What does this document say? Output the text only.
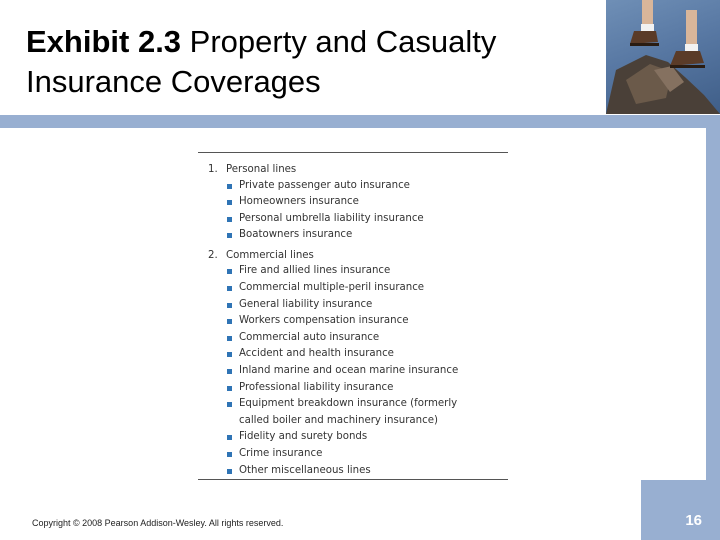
Exhibit 2.3 Property and Casualty Insurance Coverages
1. Personal lines
Private passenger auto insurance
Homeowners insurance
Personal umbrella liability insurance
Boatowners insurance
2. Commercial lines
Fire and allied lines insurance
Commercial multiple-peril insurance
General liability insurance
Workers compensation insurance
Commercial auto insurance
Accident and health insurance
Inland marine and ocean marine insurance
Professional liability insurance
Equipment breakdown insurance (formerly called boiler and machinery insurance)
Fidelity and surety bonds
Crime insurance
Other miscellaneous lines
Copyright © 2008 Pearson Addison-Wesley. All rights reserved.	16
